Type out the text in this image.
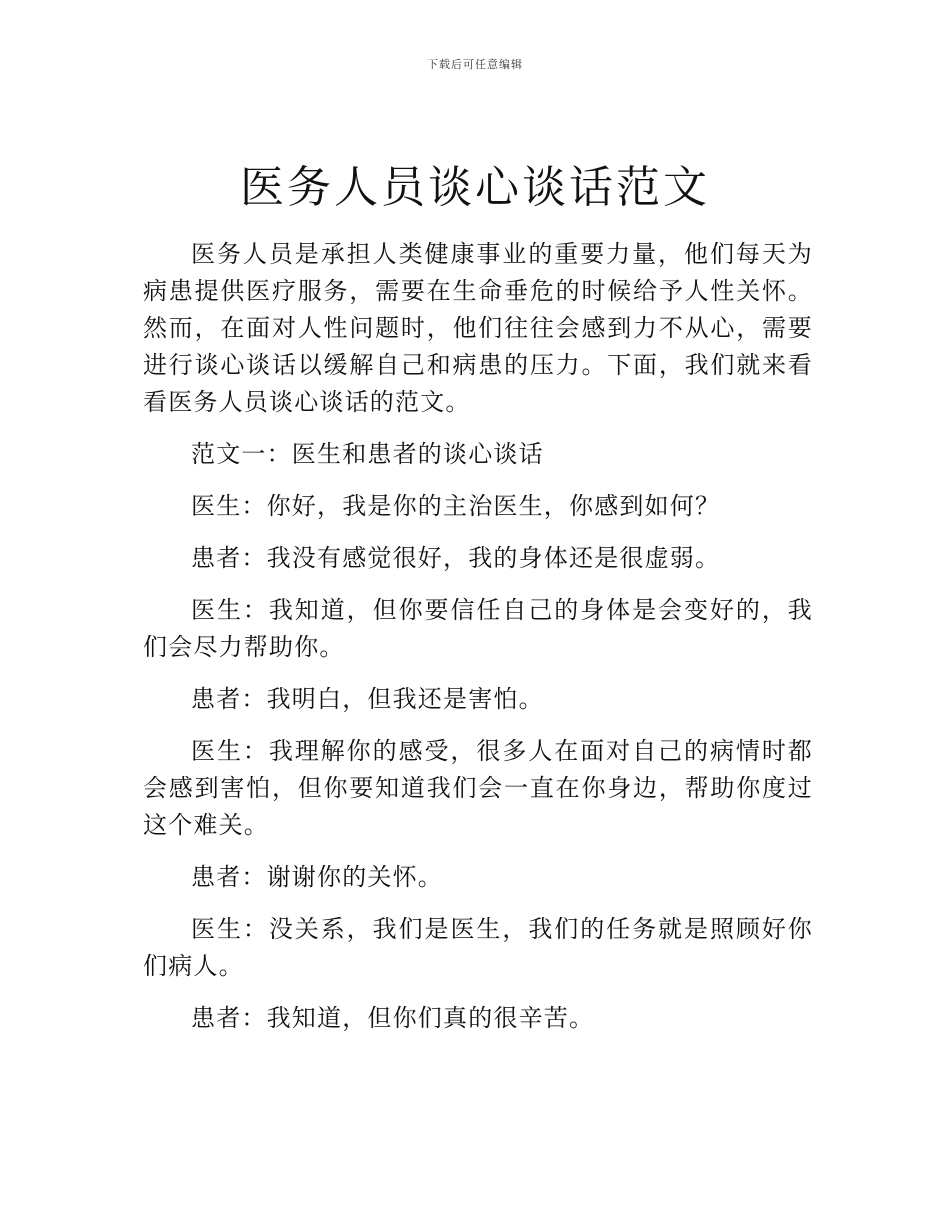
下载后可任意编辑
医务人员谈心谈话范文

医务人员是承担人类健康事业的重要力量，他们每天为病患提供医疗服务，需要在生命垂危的时候给予人性关怀。然而，在面对人性问题时，他们往往会感到力不从心，需要进行谈心谈话以缓解自己和病患的压力。下面，我们就来看看医务人员谈心谈话的范文。

范文一：医生和患者的谈心谈话

医生：你好，我是你的主治医生，你感到如何？

患者：我没有感觉很好，我的身体还是很虚弱。

医生：我知道，但你要信任自己的身体是会变好的，我们会尽力帮助你。

患者：我明白，但我还是害怕。

医生：我理解你的感受，很多人在面对自己的病情时都会感到害怕，但你要知道我们会一直在你身边，帮助你度过这个难关。

患者：谢谢你的关怀。

医生：没关系，我们是医生，我们的任务就是照顾好你们病人。

患者：我知道，但你们真的很辛苦。
